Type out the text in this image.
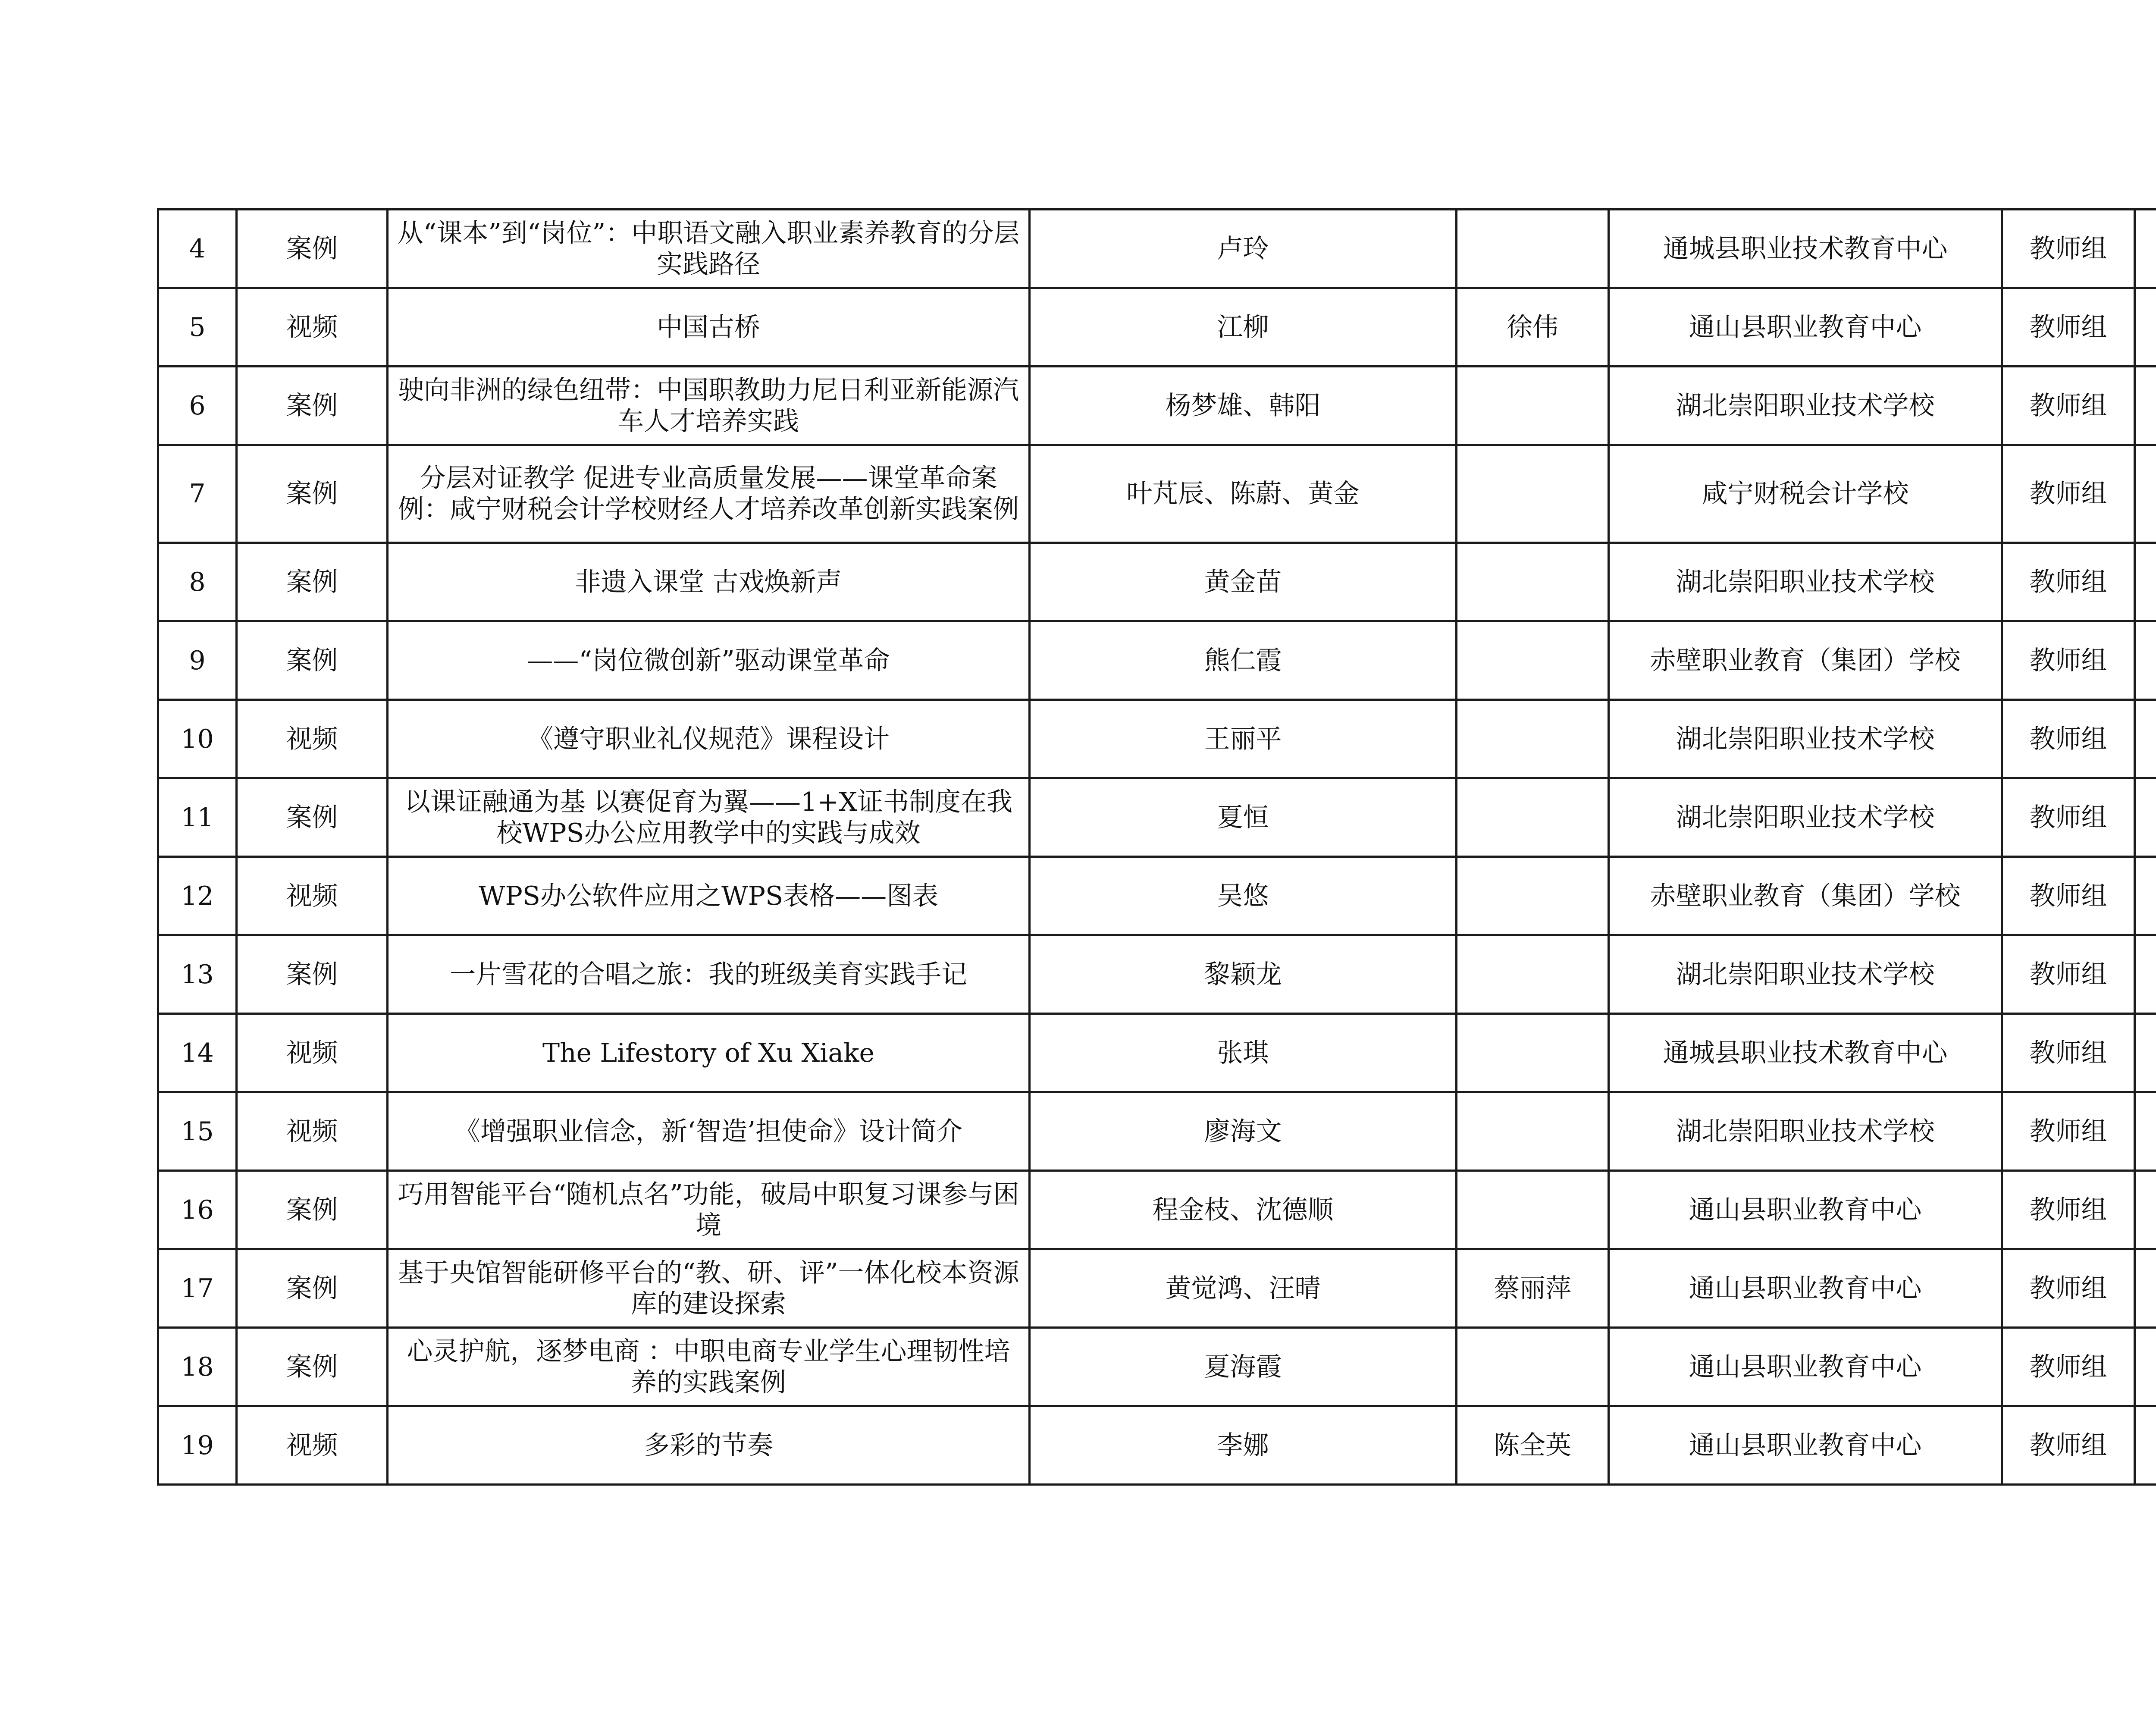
4	案例	从“课本”到“岗位”：中职语文融入职业素养教育的分层实践路径	卢玲		通城县职业技术教育中心	教师组	
5	视频	中国古桥	江柳	徐伟	通山县职业教育中心	教师组	
6	案例	驶向非洲的绿色纽带：中国职教助力尼日利亚新能源汽车人才培养实践	杨梦雄、韩阳		湖北崇阳职业技术学校	教师组	
7	案例	分层对证教学 促进专业高质量发展——课堂革命案例：咸宁财税会计学校财经人才培养改革创新实践案例	叶芃辰、陈蔚、黄金		咸宁财税会计学校	教师组	
8	案例	非遗入课堂 古戏焕新声	黄金苗		湖北崇阳职业技术学校	教师组	
9	案例	——“岗位微创新”驱动课堂革命	熊仁霞		赤壁职业教育（集团）学校	教师组	
10	视频	《遵守职业礼仪规范》课程设计	王丽平		湖北崇阳职业技术学校	教师组	
11	案例	以课证融通为基 以赛促育为翼——1+X证书制度在我校WPS办公应用教学中的实践与成效	夏恒		湖北崇阳职业技术学校	教师组	
12	视频	WPS办公软件应用之WPS表格——图表	吴悠		赤壁职业教育（集团）学校	教师组	
13	案例	一片雪花的合唱之旅：我的班级美育实践手记	黎颖龙		湖北崇阳职业技术学校	教师组	
14	视频	The Lifestory of Xu Xiake	张琪		通城县职业技术教育中心	教师组	
15	视频	《增强职业信念，新‘智造’担使命》设计简介	廖海文		湖北崇阳职业技术学校	教师组	
16	案例	巧用智能平台“随机点名”功能，破局中职复习课参与困境	程金枝、沈德顺		通山县职业教育中心	教师组	
17	案例	基于央馆智能研修平台的“教、研、评”一体化校本资源库的建设探索	黄觉鸿、汪晴	蔡丽萍	通山县职业教育中心	教师组	
18	案例	心灵护航，逐梦电商 ：中职电商专业学生心理韧性培养的实践案例	夏海霞		通山县职业教育中心	教师组	
19	视频	多彩的节奏	李娜	陈全英	通山县职业教育中心	教师组	
